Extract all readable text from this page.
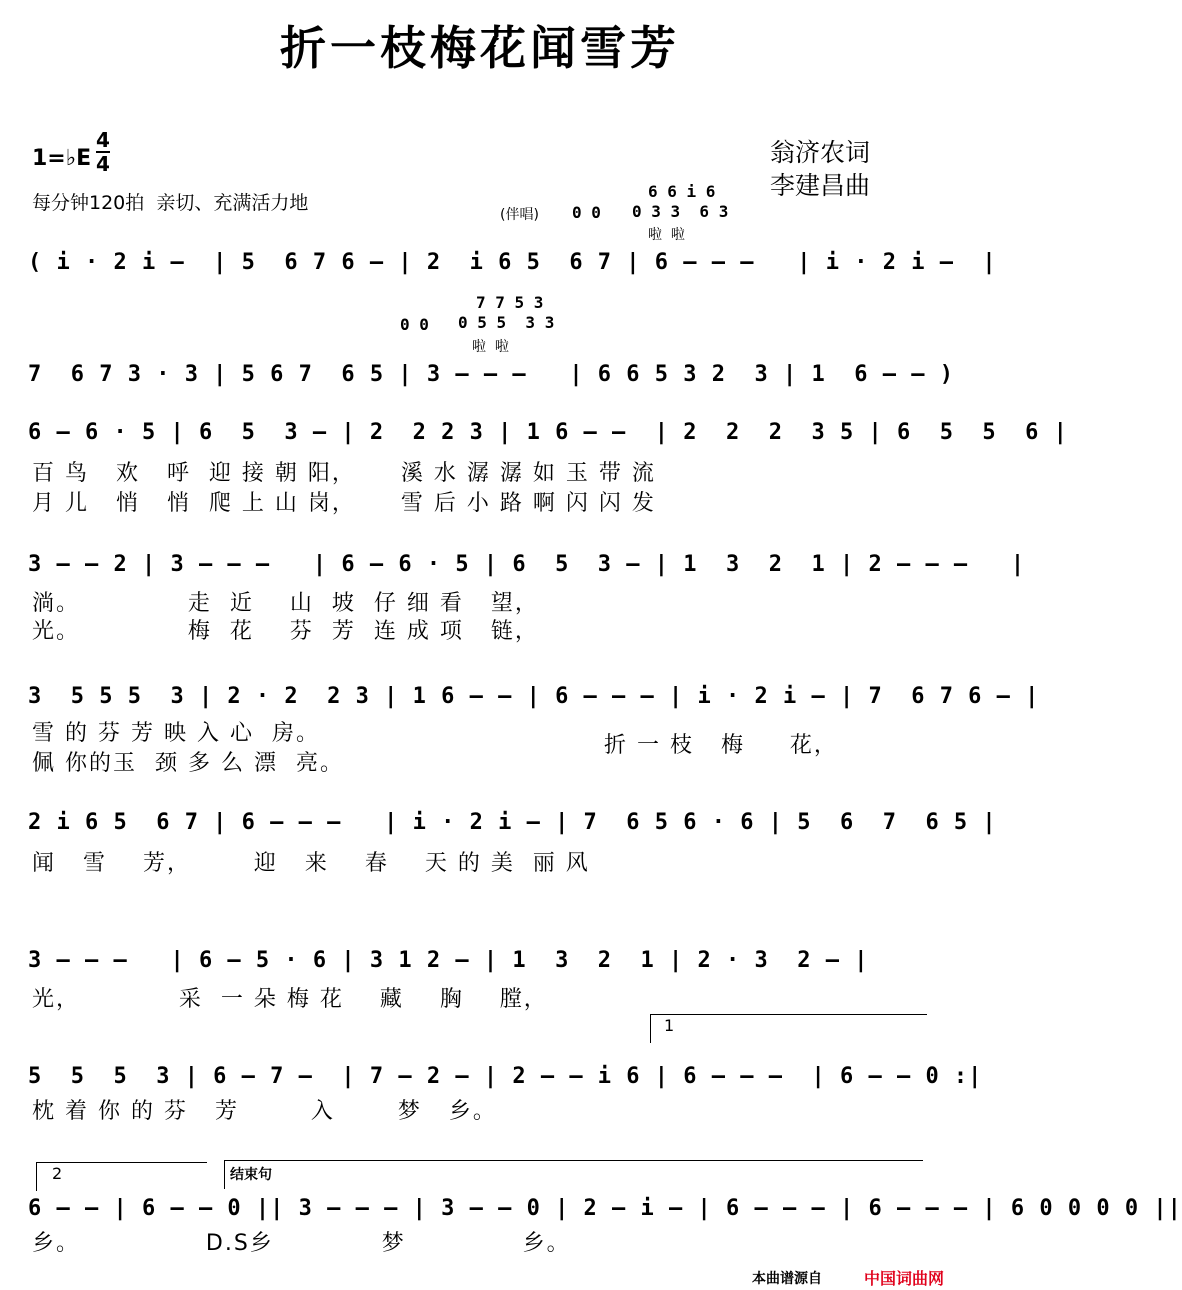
折一枝梅花闻雪芳
1=♭E
4
4
每分钟120拍  亲切、充满活力地
翁济农词
李建昌曲
(伴唱) 0 0
6 6 i 6
0 3 3  6 3
啦  啦
( i · 2 i –  | 5  6 7 6 – | 2  i 6 5  6 7 | 6 – – –   | i · 2 i –  |
0 0
7 7 5 3
0 5 5  3 3
啦  啦
7  6 7 3 · 3 | 5 6 7  6 5 | 3 – – –   | 6 6 5 3 2  3 | 1  6 – – )
6 – 6 · 5 | 6  5  3 – | 2  2 2 3 | 1 6 – –  | 2  2  2  3 5 | 6  5  5  6 |
百 鸟   欢   呼  迎 接 朝 阳，     溪 水 潺 潺 如 玉 带 流
月 儿   悄   悄  爬 上 山 岗，     雪 后 小 路 啊 闪 闪 发
3 – – 2 | 3 – – –   | 6 – 6 · 5 | 6  5  3 – | 1  3  2  1 | 2 – – –   |
淌。            走  近    山  坡  仔 细 看   望，
光。            梅  花    芬  芳  连 成 项   链，
3  5 5 5  3 | 2 · 2  2 3 | 1 6 – – | 6 – – – | i · 2 i – | 7  6 7 6 – |
雪 的 芬 芳 映 入 心  房。
佩 你的玉  颈 多 么 漂  亮。
折 一 枝   梅     花，
2 i 6 5  6 7 | 6 – – –   | i · 2 i – | 7  6 5 6 · 6 | 5  6  7  6 5 |
闻   雪    芳，       迎   来    春    天 的 美  丽 风
3 – – –   | 6 – 5 · 6 | 3 1 2 – | 1  3  2  1 | 2 · 3  2 – |
光，           采  一 朵 梅 花    藏    胸    膛，
1
5  5  5  3 | 6 – 7 –  | 7 – 2 – | 2 – – i 6 | 6 – – –  | 6 – – 0 :|
枕 着 你 的 芬   芳        入       梦   乡。
2	结束句
6 – – | 6 – – 0 || 3 – – – | 3 – – 0 | 2 – i – | 6 – – – | 6 – – – | 6 0 0 0 0 ||
乡。              D.S乡            梦             乡。
本曲谱源自	中国词曲网
